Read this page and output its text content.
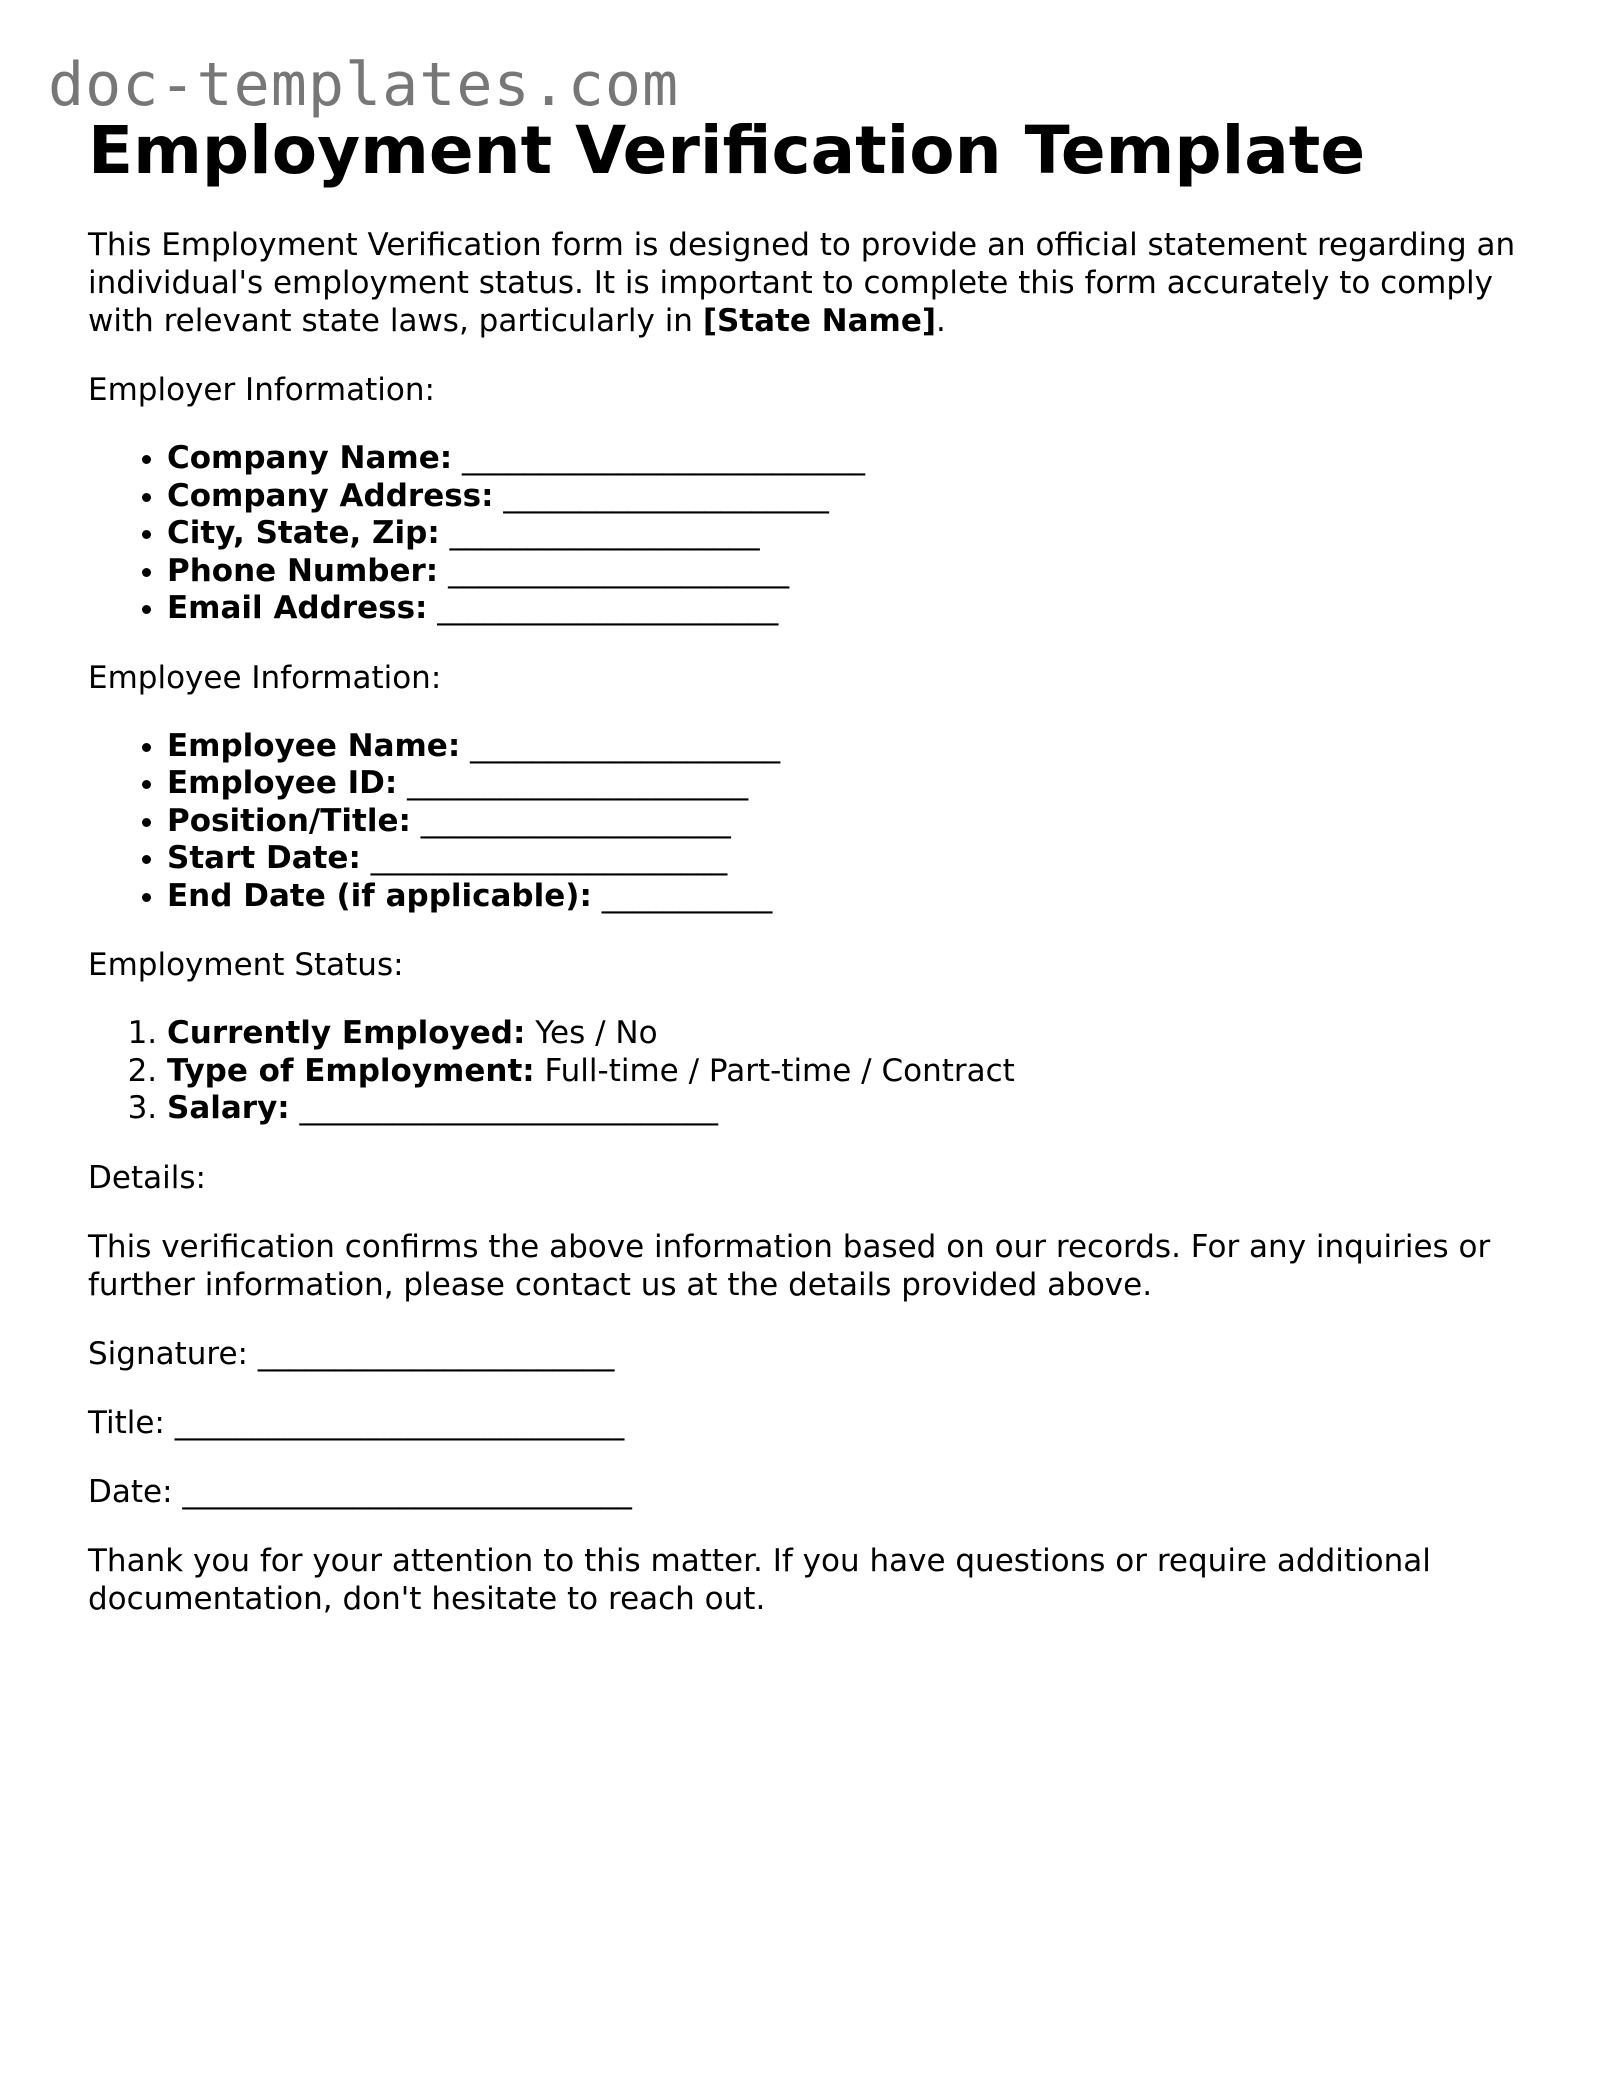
doc-templates.com
Employment Verification Template

This Employment Verification form is designed to provide an official statement regarding an individual's employment status. It is important to complete this form accurately to comply with relevant state laws, particularly in [State Name].

Employer Information:

• Company Name: __________________________
• Company Address: _____________________
• City, State, Zip: ____________________
• Phone Number: ______________________
• Email Address: ______________________

Employee Information:

• Employee Name: ____________________
• Employee ID: ______________________
• Position/Title: ____________________
• Start Date: _______________________
• End Date (if applicable): ___________

Employment Status:

1. Currently Employed: Yes / No
2. Type of Employment: Full-time / Part-time / Contract
3. Salary: ___________________________

Details:

This verification confirms the above information based on our records. For any inquiries or further information, please contact us at the details provided above.

Signature: _______________________

Title: _____________________________

Date: _____________________________

Thank you for your attention to this matter. If you have questions or require additional documentation, don't hesitate to reach out.
